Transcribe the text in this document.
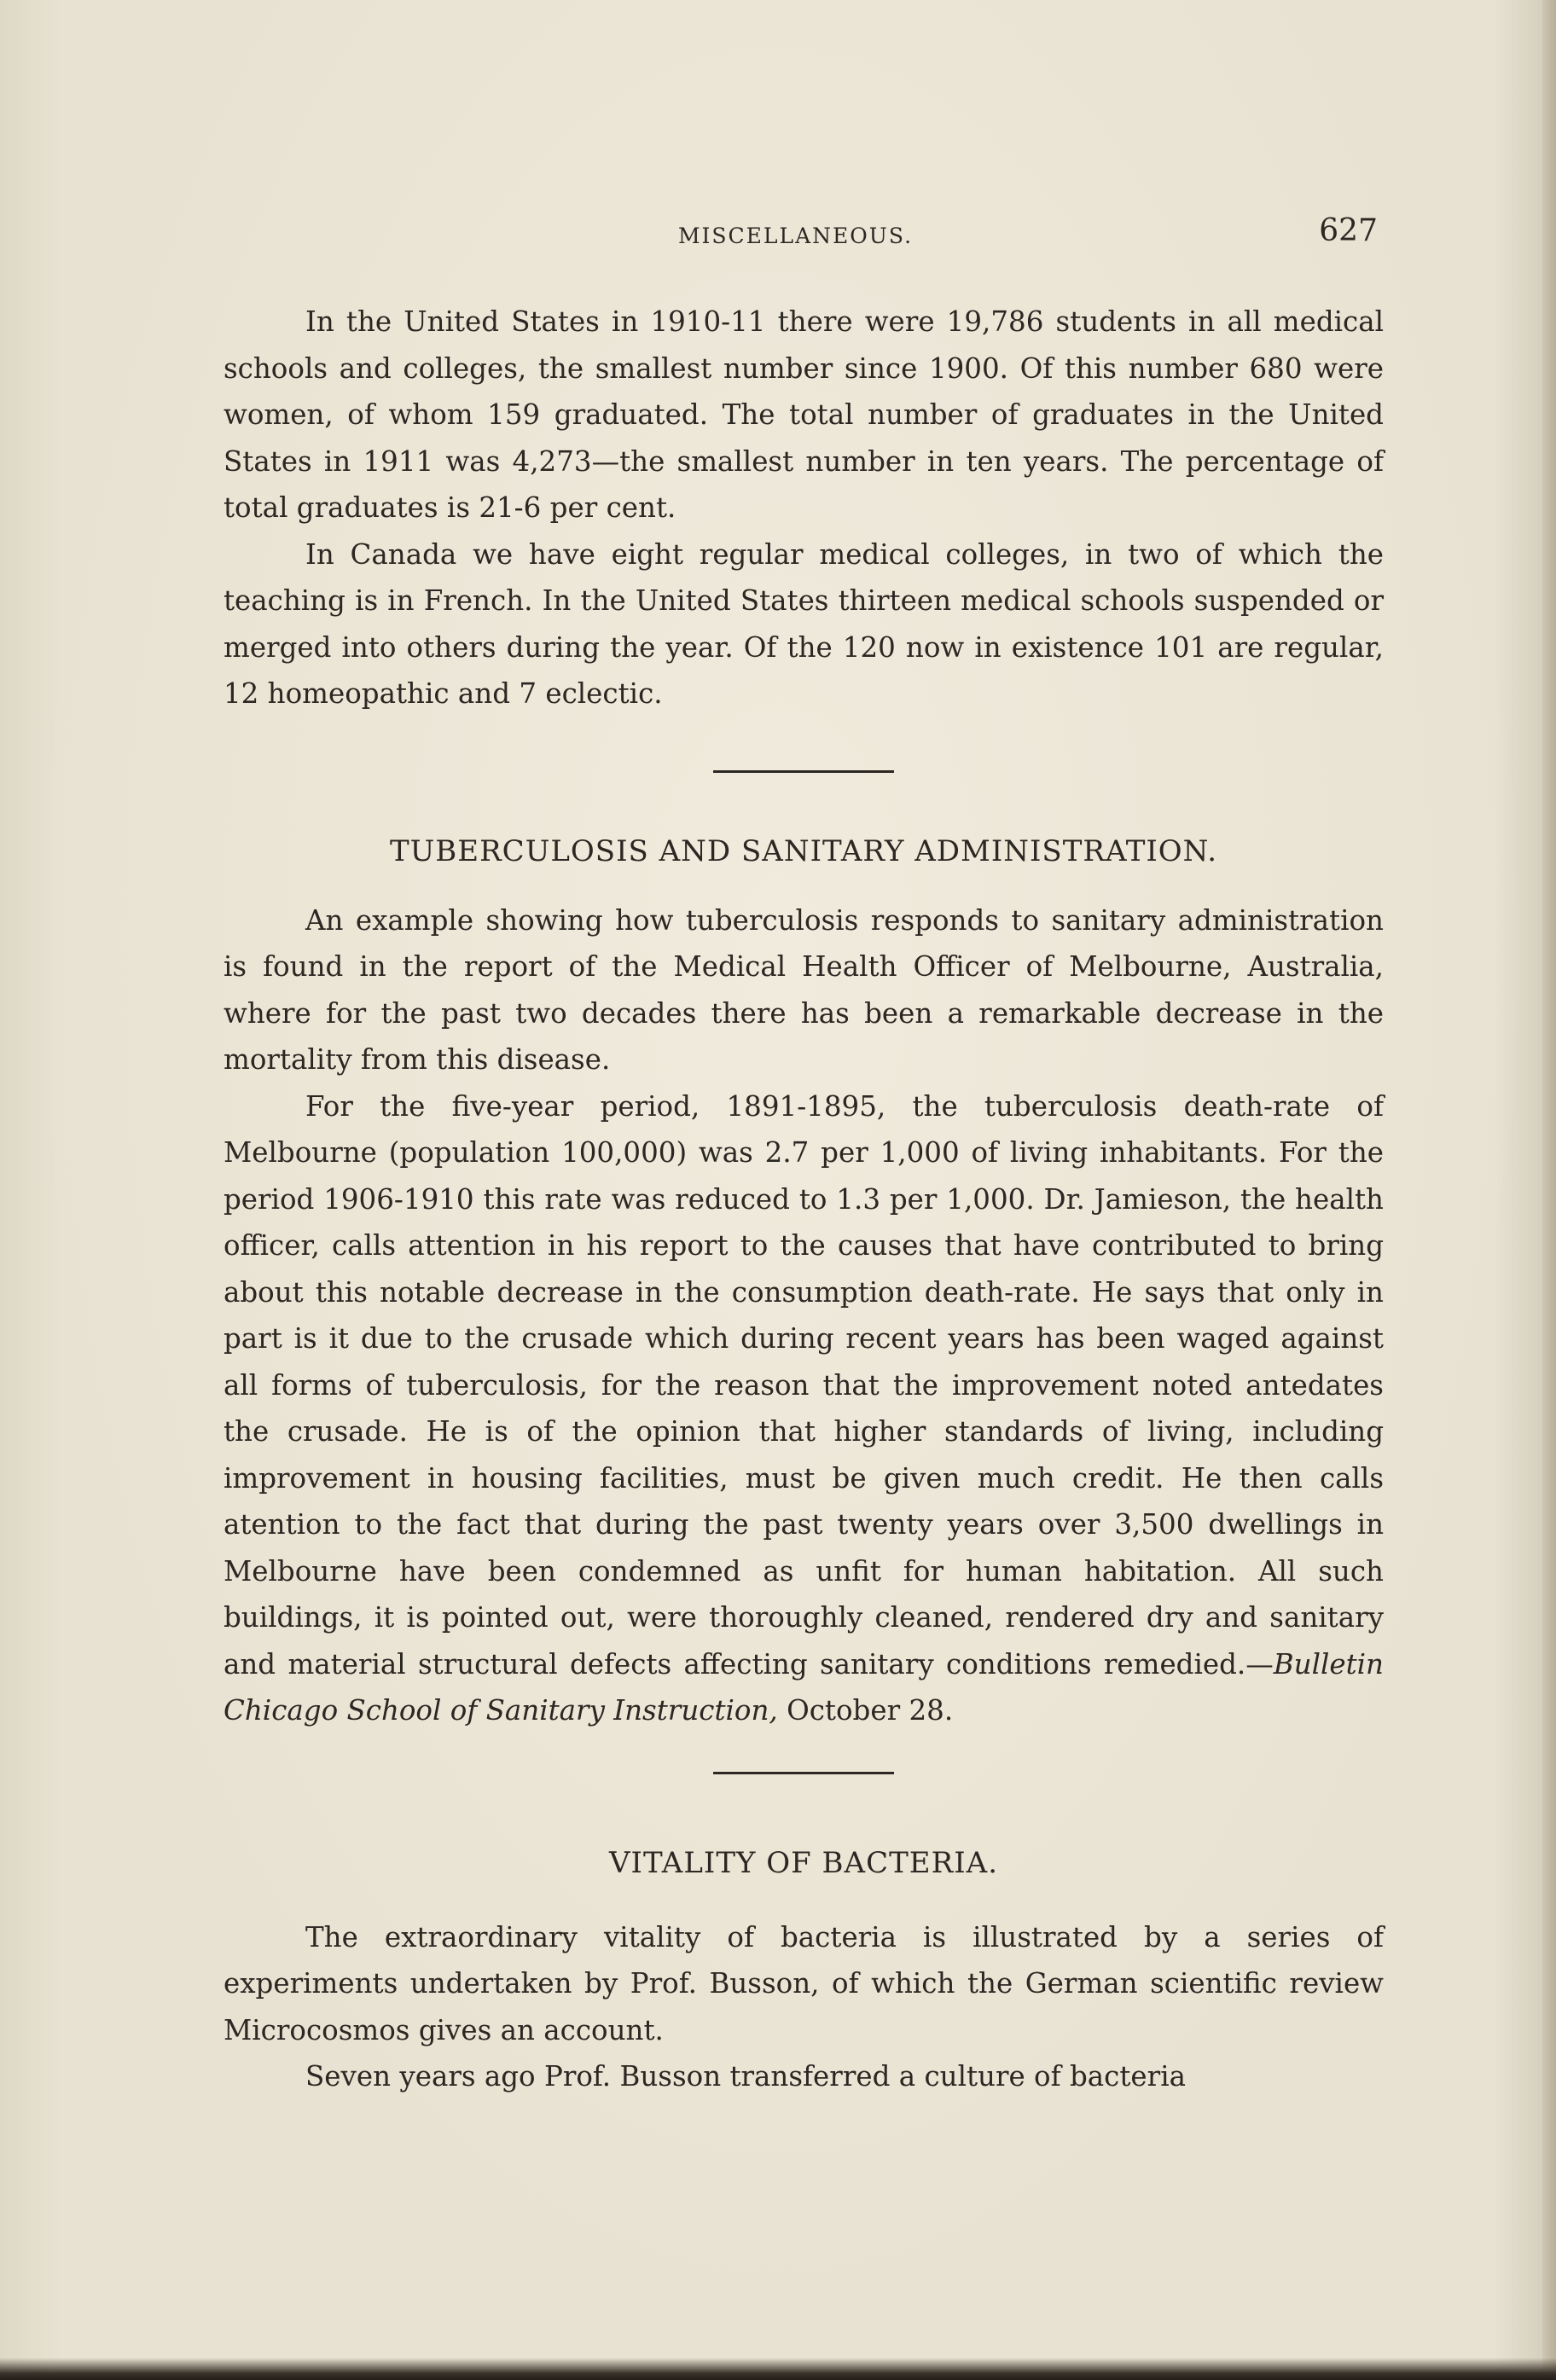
MISCELLANEOUS.	627

In the United States in 1910-11 there were 19,786 students in all medical schools and colleges, the smallest number since 1900. Of this number 680 were women, of whom 159 graduated. The total number of graduates in the United States in 1911 was 4,273—the smallest number in ten years. The percentage of total graduates is 21-6 per cent.

In Canada we have eight regular medical colleges, in two of which the teaching is in French. In the United States thirteen medical schools suspended or merged into others during the year. Of the 120 now in existence 101 are regular, 12 homeopathic and 7 eclectic.

TUBERCULOSIS AND SANITARY ADMINISTRATION.

An example showing how tuberculosis responds to sanitary administration is found in the report of the Medical Health Officer of Melbourne, Australia, where for the past two decades there has been a remarkable decrease in the mortality from this disease.

For the five-year period, 1891-1895, the tuberculosis death-rate of Melbourne (population 100,000) was 2.7 per 1,000 of living inhabitants. For the period 1906-1910 this rate was reduced to 1.3 per 1,000. Dr. Jamieson, the health officer, calls attention in his report to the causes that have contributed to bring about this notable decrease in the consumption death-rate. He says that only in part is it due to the crusade which during recent years has been waged against all forms of tuberculosis, for the reason that the improvement noted antedates the crusade. He is of the opinion that higher standards of living, including improvement in housing facilities, must be given much credit. He then calls atention to the fact that during the past twenty years over 3,500 dwellings in Melbourne have been condemned as unfit for human habitation. All such buildings, it is pointed out, were thoroughly cleaned, rendered dry and sanitary and material structural defects affecting sanitary conditions remedied.—Bulletin Chicago School of Sanitary Instruction, October 28.

VITALITY OF BACTERIA.

The extraordinary vitality of bacteria is illustrated by a series of experiments undertaken by Prof. Busson, of which the German scientific review Microcosmos gives an account.

Seven years ago Prof. Busson transferred a culture of bacteria
